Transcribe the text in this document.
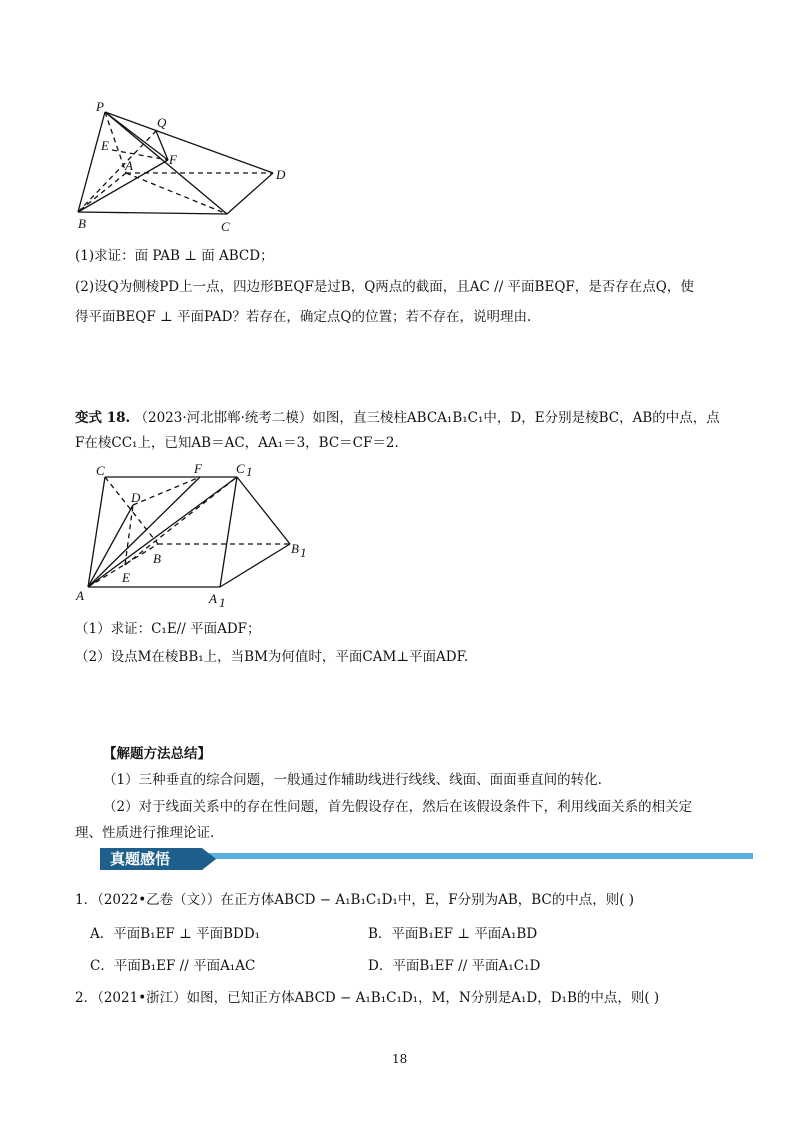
P
Q
E
A	F
D
B	C
(1)求证：面 PAB ⊥ 面 ABCD；
(2)设Q为侧棱PD上一点，四边形BEQF是过B，Q两点的截面，且AC // 平面BEQF，是否存在点Q，使
得平面BEQF ⊥ 平面PAD？若存在，确定点Q的位置；若不存在，说明理由.
变式 18. （2023·河北邯郸·统考二模）如图，直三棱柱ABCA₁B₁C₁中，D，E分别是棱BC，AB的中点，点
F在棱CC₁上，已知AB＝AC，AA₁＝3，BC＝CF＝2.
C	F	C 1
D
B
B 1
E
A	A 1
（1）求证：C₁E// 平面ADF；
（2）设点M在棱BB₁上，当BM为何值时，平面CAM⊥平面ADF.
【解题方法总结】
（1）三种垂直的综合问题，一般通过作辅助线进行线线、线面、面面垂直间的转化.
（2）对于线面关系中的存在性问题，首先假设存在，然后在该假设条件下，利用线面关系的相关定
理、性质进行推理论证.
真题感悟
1．（2022•乙卷（文））在正方体ABCD − A₁B₁C₁D₁中，E，F分别为AB，BC的中点，则( )
A．平面B₁EF ⊥ 平面BDD₁	B．平面B₁EF ⊥ 平面A₁BD
C．平面B₁EF // 平面A₁AC	D．平面B₁EF // 平面A₁C₁D
2．（2021•浙江）如图，已知正方体ABCD − A₁B₁C₁D₁，M，N分别是A₁D，D₁B的中点，则( )
18
